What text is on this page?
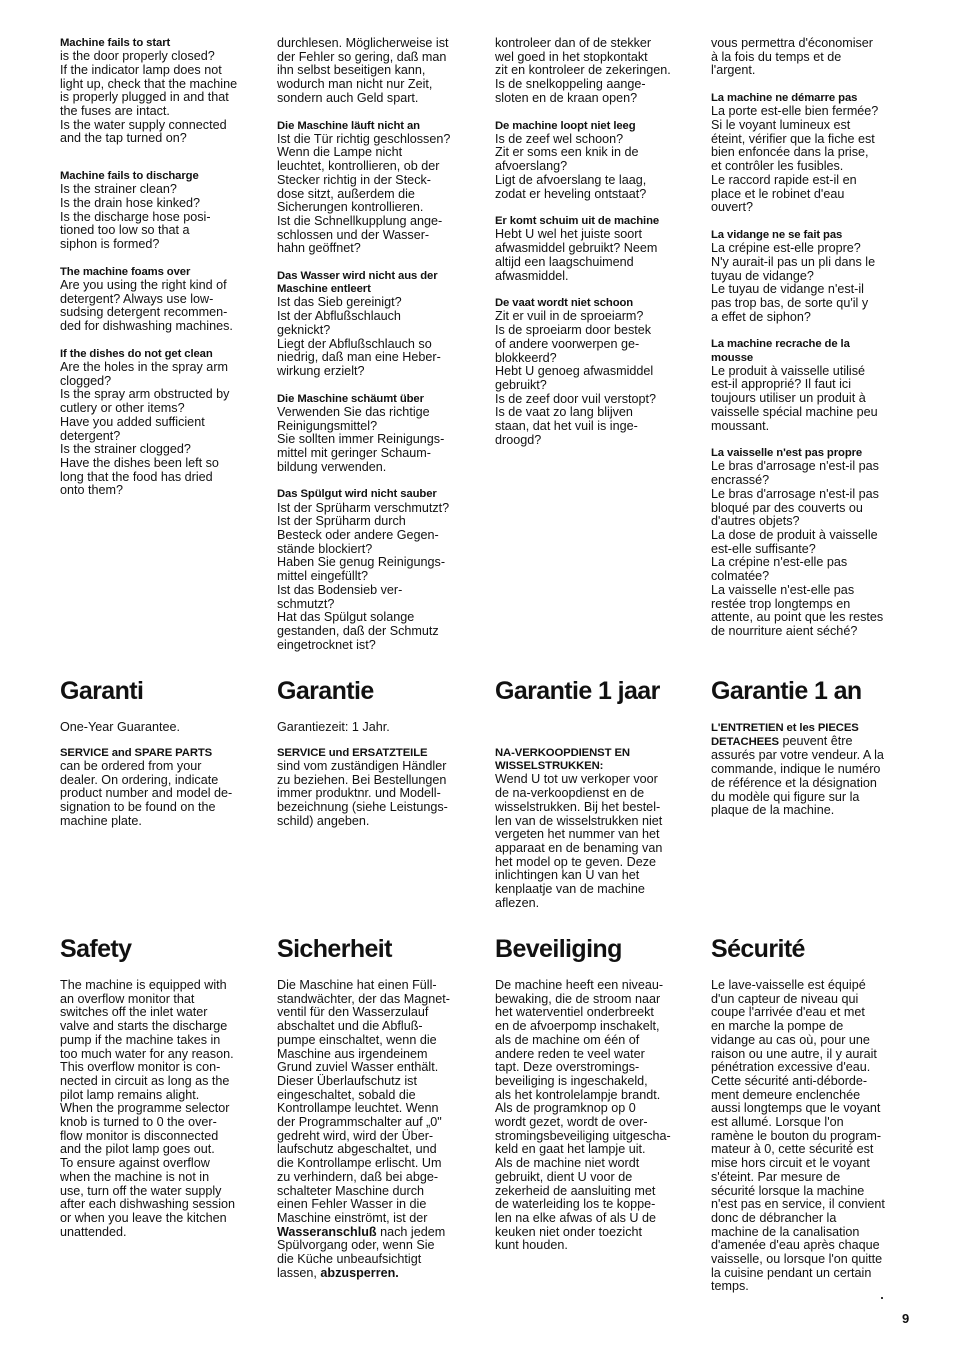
Machine fails to start
is the door properly closed?
If the indicator lamp does not
light up, check that the machine
is properly plugged in and that
the fuses are intact.
Is the water supply connected
and the tap turned on?
Machine fails to discharge
Is the strainer clean?
Is the drain hose kinked?
Is the discharge hose posi-
tioned too low so that a
siphon is formed?
The machine foams over
Are you using the right kind of
detergent? Always use low-
sudsing detergent recommen-
ded for dishwashing machines.
If the dishes do not get clean
Are the holes in the spray arm
clogged?
Is the spray arm obstructed by
cutlery or other items?
Have you added sufficient
detergent?
Is the strainer clogged?
Have the dishes been left so
long that the food has dried
onto them?
durchlesen. Möglicherweise ist
der Fehler so gering, daß man
ihn selbst beseitigen kann,
wodurch man nicht nur Zeit,
sondern auch Geld spart.
Die Maschine läuft nicht an
Ist die Tür richtig geschlossen?
Wenn die Lampe nicht
leuchtet, kontrollieren, ob der
Stecker richtig in der Steck-
dose sitzt, außerdem die
Sicherungen kontrollieren.
Ist die Schnellkupplung ange-
schlossen und der Wasser-
hahn geöffnet?
Das Wasser wird nicht aus der
Maschine entleert
Ist das Sieb gereinigt?
Ist der Abflußschlauch
geknickt?
Liegt der Abflußschlauch so
niedrig, daß man eine Heber-
wirkung erzielt?
Die Maschine schäumt über
Verwenden Sie das richtige
Reinigungsmittel?
Sie sollten immer Reinigungs-
mittel mit geringer Schaum-
bildung verwenden.
Das Spülgut wird nicht sauber
Ist der Sprüharm verschmutzt?
Ist der Sprüharm durch
Besteck oder andere Gegen-
stände blockiert?
Haben Sie genug Reinigungs-
mittel eingefüllt?
Ist das Bodensieb ver-
schmutzt?
Hat das Spülgut solange
gestanden, daß der Schmutz
eingetrocknet ist?
kontroleer dan of de stekker
wel goed in het stopkontakt
zit en kontroleer de zekeringen.
Is de snelkoppeling aange-
sloten en de kraan open?
De machine loopt niet leeg
Is de zeef wel schoon?
Zit er soms een knik in de
afvoerslang?
Ligt de afvoerslang te laag,
zodat er heveling ontstaat?
Er komt schuim uit de machine
Hebt U wel het juiste soort
afwasmiddel gebruikt? Neem
altijd een laagschuimend
afwasmiddel.
De vaat wordt niet schoon
Zit er vuil in de sproeiarm?
Is de sproeiarm door bestek
of andere voorwerpen ge-
blokkeerd?
Hebt U genoeg afwasmiddel
gebruikt?
Is de zeef door vuil verstopt?
Is de vaat zo lang blijven
staan, dat het vuil is inge-
droogd?
vous permettra d'économiser
à la fois du temps et de
l'argent.
La machine ne démarre pas
La porte est-elle bien fermée?
Si le voyant lumineux est
éteint, vérifier que la fiche est
bien enfoncée dans la prise,
et contrôler les fusibles.
Le raccord rapide est-il en
place et le robinet d'eau
ouvert?
La vidange ne se fait pas
La crépine est-elle propre?
N'y aurait-il pas un pli dans le
tuyau de vidange?
Le tuyau de vidange n'est-il
pas trop bas, de sorte qu'il y
a effet de siphon?
La machine recrache de la
mousse
Le produit à vaisselle utilisé
est-il approprié? Il faut ici
toujours utiliser un produit à
vaisselle spécial machine peu
moussant.
La vaisselle n'est pas propre
Le bras d'arrosage n'est-il pas
encrassé?
Le bras d'arrosage n'est-il pas
bloqué par des couverts ou
d'autres objets?
La dose de produit à vaisselle
est-elle suffisante?
La crépine n'est-elle pas
colmatée?
La vaisselle n'est-elle pas
restée trop longtemps en
attente, au point que les restes
de nourriture aient séché?
Garanti
One-Year Guarantee.
SERVICE and SPARE PARTS
can be ordered from your
dealer. On ordering, indicate
product number and model de-
signation to be found on the
machine plate.
Garantie
Garantiezeit: 1 Jahr.
SERVICE und ERSATZTEILE
sind vom zuständigen Händler
zu beziehen. Bei Bestellungen
immer produktnr. und Modell-
bezeichnung (siehe Leistungs-
schild) angeben.
Garantie 1 jaar
NA-VERKOOPDIENST EN
WISSELSTRUKKEN:
Wend U tot uw verkoper voor
de na-verkoopdienst en de
wisselstrukken. Bij het bestel-
len van de wisselstrukken niet
vergeten het nummer van het
apparaat en de benaming van
het model op te geven. Deze
inlichtingen kan U van het
kenplaatje van de machine
aflezen.
Garantie 1 an
L'ENTRETIEN et les PIECES
DETACHEES peuvent être
assurés par votre vendeur. A la
commande, indique le numéro
de référence et la désignation
du modèle qui figure sur la
plaque de la machine.
Safety
The machine is equipped with
an overflow monitor that
switches off the inlet water
valve and starts the discharge
pump if the machine takes in
too much water for any reason.
This overflow monitor is con-
nected in circuit as long as the
pilot lamp remains alight.
When the programme selector
knob is turned to 0 the over-
flow monitor is disconnected
and the pilot lamp goes out.
To ensure against overflow
when the machine is not in
use, turn off the water supply
after each dishwashing session
or when you leave the kitchen
unattended.
Sicherheit
Die Maschine hat einen Füll-
standwächter, der das Magnet-
ventil für den Wasserzulauf
abschaltet und die Abfluß-
pumpe einschaltet, wenn die
Maschine aus irgendeinem
Grund zuviel Wasser enthält.
Dieser Überlaufschutz ist
eingeschaltet, sobald die
Kontrollampe leuchtet. Wenn
der Programmschalter auf „0"
gedreht wird, wird der Über-
laufschutz abgeschaltet, und
die Kontrollampe erlischt. Um
zu verhindern, daß bei abge-
schalteter Maschine durch
einen Fehler Wasser in die
Maschine einströmt, ist der
Wasseranschluß nach jedem
Spülvorgang oder, wenn Sie
die Küche unbeaufsichtigt
lassen, abzusperren.
Beveiliging
De machine heeft een niveau-
bewaking, die de stroom naar
het waterventiel onderbreekt
en de afvoerpomp inschakelt,
als de machine om één of
andere reden te veel water
tapt. Deze overstromings-
beveiliging is ingeschakeld,
als het kontrolelampje brandt.
Als de programknop op 0
wordt gezet, wordt de over-
stromingsbeveiliging uitgescha-
keld en gaat het lampje uit.
Als de machine niet wordt
gebruikt, dient U voor de
zekerheid de aansluiting met
de waterleiding los te koppe-
len na elke afwas of als U de
keuken niet onder toezicht
kunt houden.
Sécurité
Le lave-vaisselle est équipé
d'un capteur de niveau qui
coupe l'arrivée d'eau et met
en marche la pompe de
vidange au cas où, pour une
raison ou une autre, il y aurait
pénétration excessive d'eau.
Cette sécurité anti-débordе-
ment demeure enclenchée
aussi longtemps que le voyant
est allumé. Lorsque l'on
ramène le bouton du program-
mateur à 0, cette sécurité est
mise hors circuit et le voyant
s'éteint. Par mesure de
sécurité lorsque la machine
n'est pas en service, il convient
donc de débrancher la
machine de la canalisation
d'amenée d'eau après chaque
vaisselle, ou lorsque l'on quitte
la cuisine pendant un certain
temps.
9
